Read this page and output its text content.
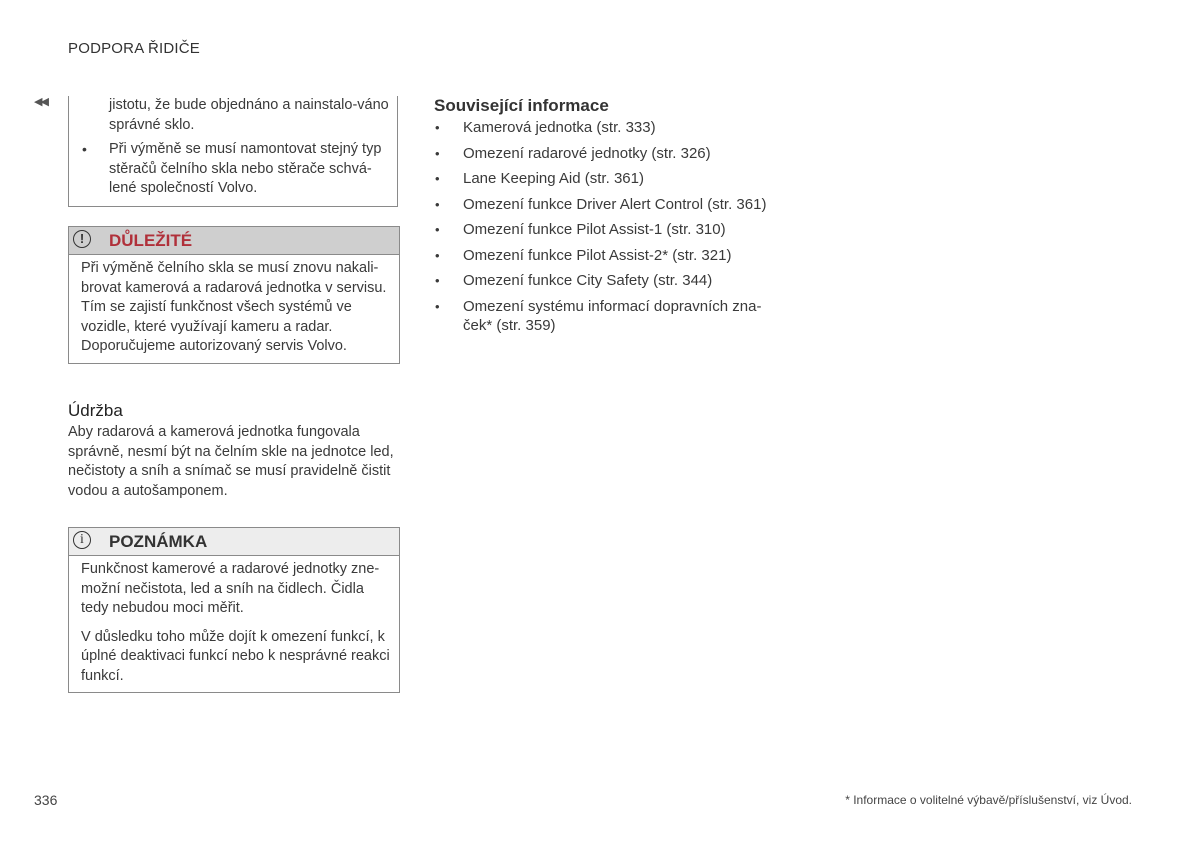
PODPORA ŘIDIČE
◀◀	jistotu, že bude objednáno a nainstalo-váno správné sklo.
• Při výměně se musí namontovat stejný typ stěračů čelního skla nebo stěrače schvá-lené společností Volvo.
!	DŮLEŽITÉ

Při výměně čelního skla se musí znovu nakali-brovat kamerová a radarová jednotka v servisu. Tím se zajistí funkčnost všech systémů ve vozidle, které využívají kameru a radar. Doporučujeme autorizovaný servis Volvo.

Údržba
Aby radarová a kamerová jednotka fungovala správně, nesmí být na čelním skle na jednotce led, nečistoty a sníh a snímač se musí pravidelně čistit vodou a autošamponem.
i	POZNÁMKA

Funkčnost kamerové a radarové jednotky zne-možní nečistota, led a sníh na čidlech. Čidla tedy nebudou moci měřit.

V důsledku toho může dojít k omezení funkcí, k úplné deaktivaci funkcí nebo k nesprávné reakci funkcí.

Související informace
• Kamerová jednotka (str. 333)
• Omezení radarové jednotky (str. 326)
• Lane Keeping Aid (str. 361)
• Omezení funkce Driver Alert Control (str. 361)
• Omezení funkce Pilot Assist-1 (str. 310)
• Omezení funkce Pilot Assist-2* (str. 321)
• Omezení funkce City Safety (str. 344)
• Omezení systému informací dopravních zna-ček* (str. 359)
336	* Informace o volitelné výbavě/příslušenství, viz Úvod.
